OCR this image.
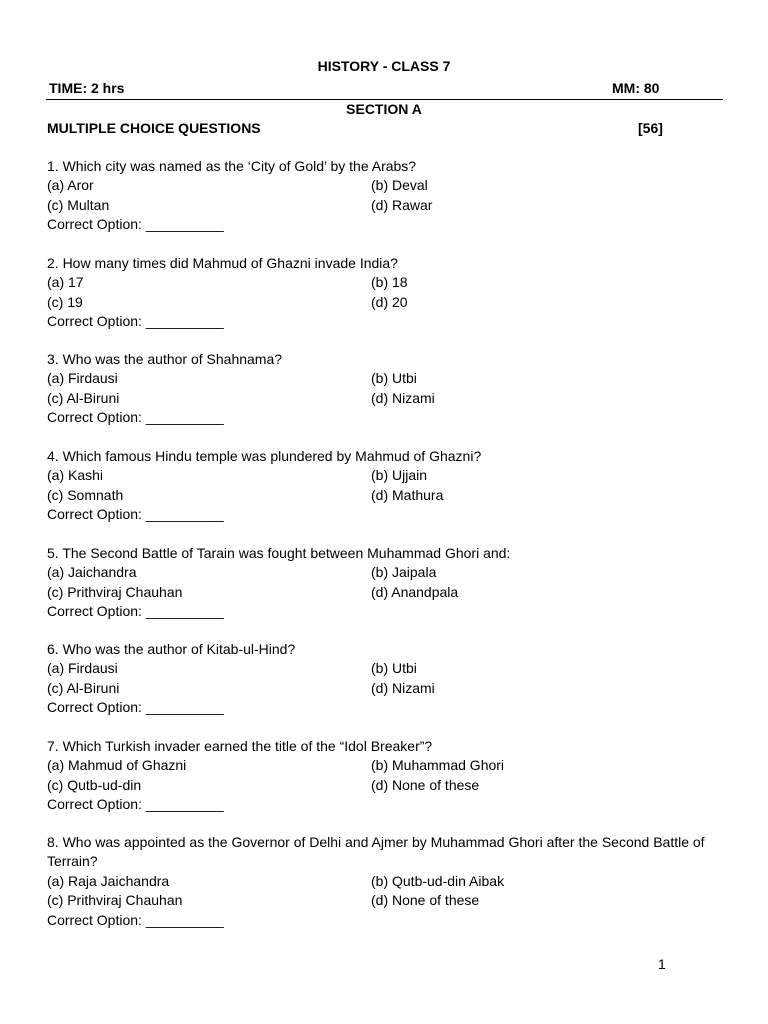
HISTORY - CLASS 7
TIME: 2 hrs	MM: 80
SECTION A
MULTIPLE CHOICE QUESTIONS	[56]

1. Which city was named as the ‘City of Gold’ by the Arabs?

(a) Aror	(b) Deval
(c) Multan	(d) Rawar

Correct Option: __________

2. How many times did Mahmud of Ghazni invade India?

(a) 17	(b) 18
(c) 19	(d) 20

Correct Option: __________

3. Who was the author of Shahnama?

(a) Firdausi	(b) Utbi
(c) Al-Biruni	(d) Nizami

Correct Option: __________

4. Which famous Hindu temple was plundered by Mahmud of Ghazni?

(a) Kashi	(b) Ujjain
(c) Somnath	(d) Mathura

Correct Option: __________

5. The Second Battle of Tarain was fought between Muhammad Ghori and:

(a) Jaichandra	(b) Jaipala
(c) Prithviraj Chauhan	(d) Anandpala

Correct Option: __________

6. Who was the author of Kitab-ul-Hind?

(a) Firdausi	(b) Utbi
(c) Al-Biruni	(d) Nizami

Correct Option: __________

7. Which Turkish invader earned the title of the “Idol Breaker”?

(a) Mahmud of Ghazni	(b) Muhammad Ghori
(c) Qutb-ud-din	(d) None of these

Correct Option: __________

8. Who was appointed as the Governor of Delhi and Ajmer by Muhammad Ghori after the Second Battle of Terrain?

(a) Raja Jaichandra	(b) Qutb-ud-din Aibak
(c) Prithviraj Chauhan	(d) None of these

Correct Option: __________

1
